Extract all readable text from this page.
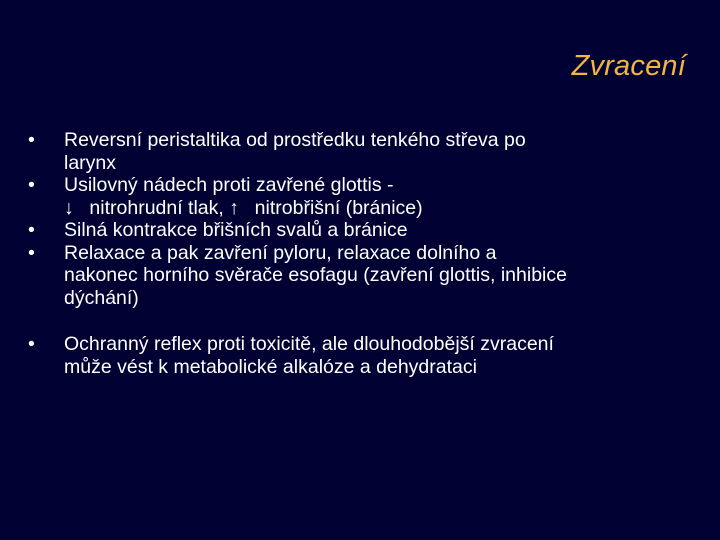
Zvracení
•	Reversní peristaltika od prostředku tenkého střeva po
larynx
•	Usilovný nádech proti zavřené glottis -
↓ nitrohrudní tlak, ↑ nitrobřišní (bránice)
•	Silná kontrakce břišních svalů a bránice
•	Relaxace a pak zavření pyloru, relaxace dolního a
nakonec horního svěrače esofagu (zavření glottis, inhibice
dýchání)
•	Ochranný reflex proti toxicitě, ale dlouhodobější zvracení
může vést k metabolické alkalóze a dehydrataci
